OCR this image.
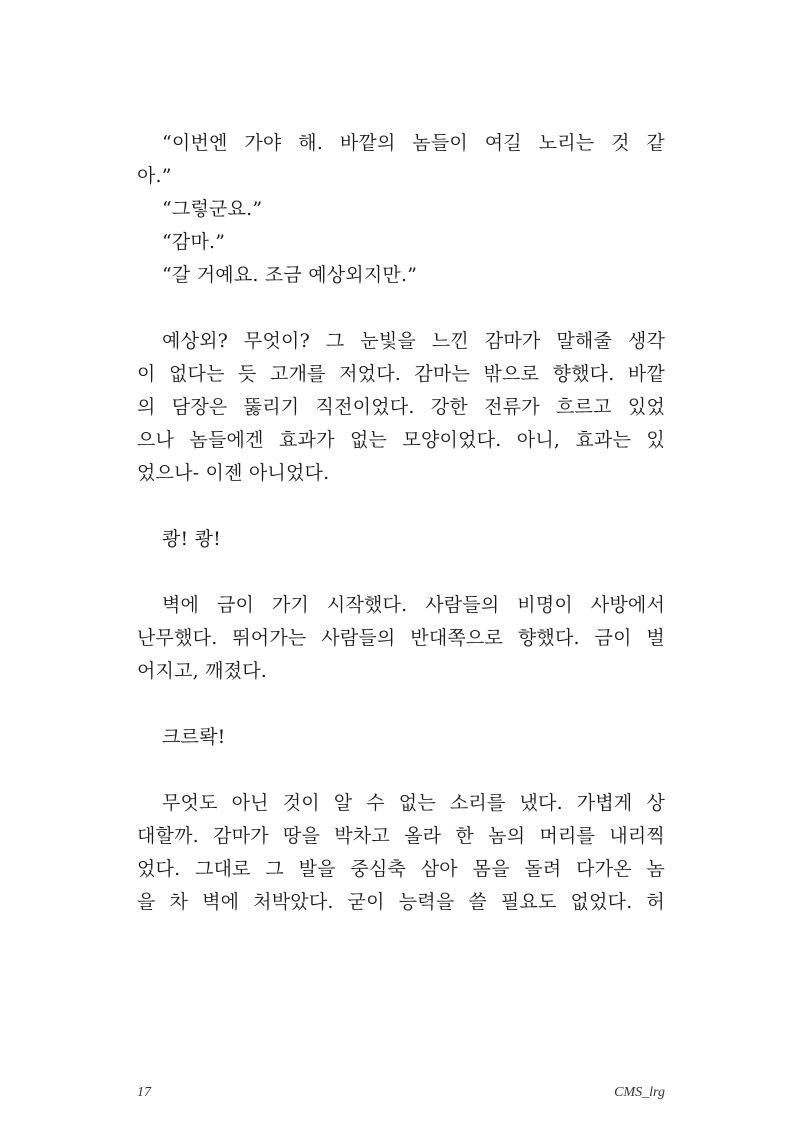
“이번엔 가야 해. 바깥의 놈들이 여길 노리는 것 같
아.”
“그렇군요.”
“감마.”
“갈 거예요. 조금 예상외지만.”
예상외? 무엇이? 그 눈빛을 느낀 감마가 말해줄 생각
이 없다는 듯 고개를 저었다. 감마는 밖으로 향했다. 바깥
의 담장은 뚫리기 직전이었다. 강한 전류가 흐르고 있었
으나 놈들에겐 효과가 없는 모양이었다. 아니, 효과는 있
었으나- 이젠 아니었다.
쾅! 쾅!
벽에 금이 가기 시작했다. 사람들의 비명이 사방에서
난무했다. 뛰어가는 사람들의 반대쪽으로 향했다. 금이 벌
어지고, 깨졌다.
크르롹!
무엇도 아닌 것이 알 수 없는 소리를 냈다. 가볍게 상
대할까. 감마가 땅을 박차고 올라 한 놈의 머리를 내리찍
었다. 그대로 그 발을 중심축 삼아 몸을 돌려 다가온 놈
을 차 벽에 처박았다. 굳이 능력을 쓸 필요도 없었다. 허
17	CMS_lrg
